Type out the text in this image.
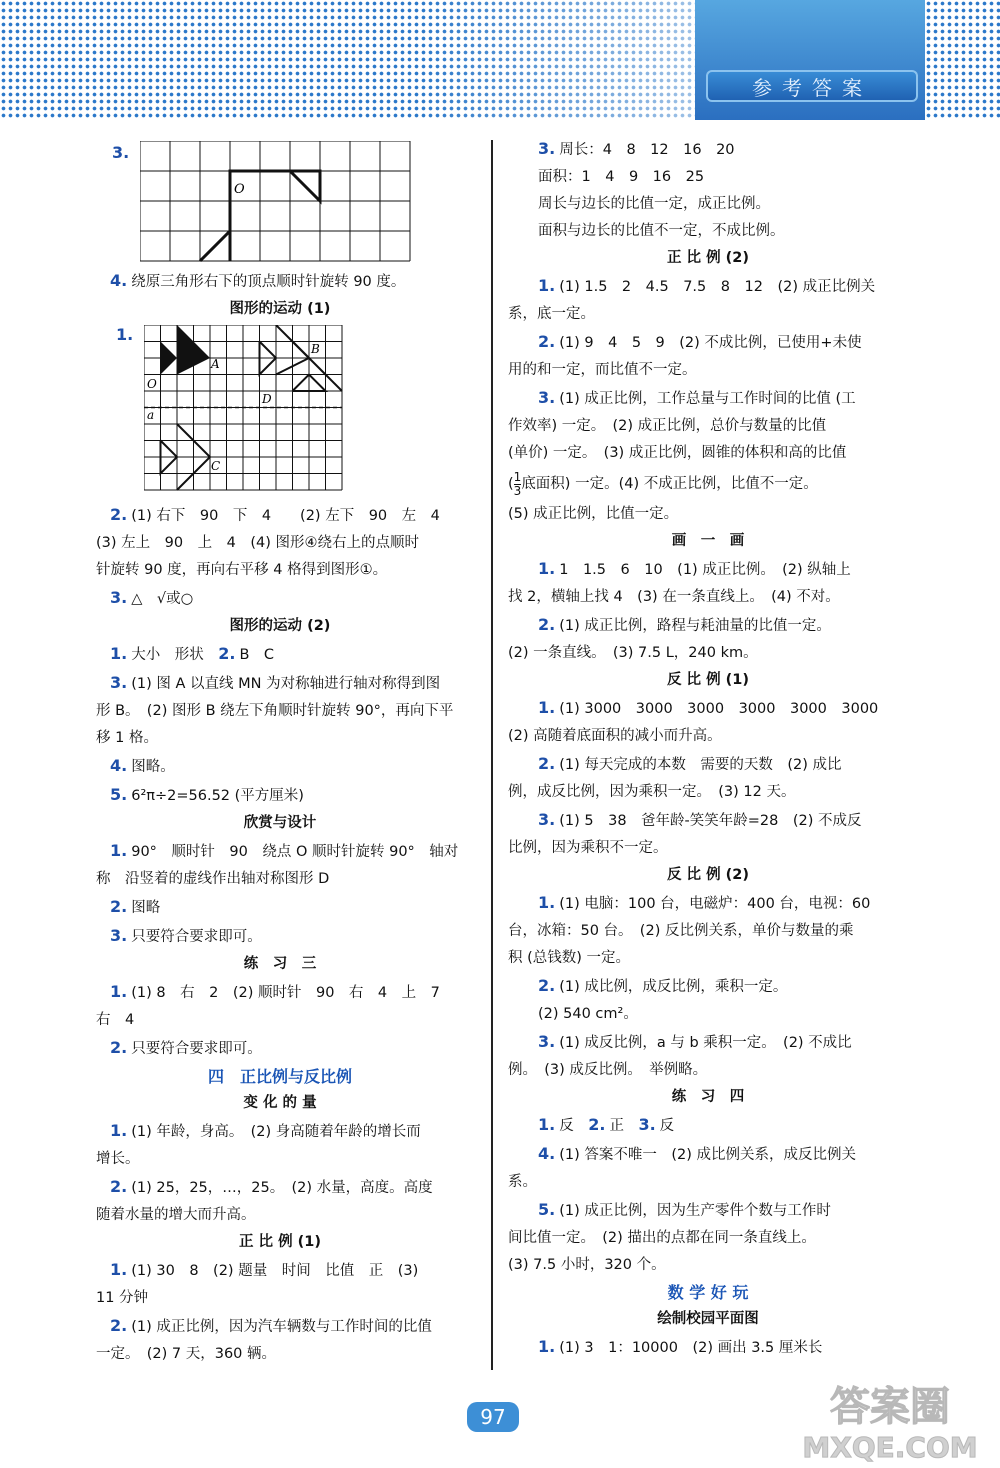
参考答案
3.
O
4. 绕原三角形右下的顶点顺时针旋转 90 度。
图形的运动 (1)
1.
A
B
C
D
O
a
2. (1) 右下　90　下　4　　(2) 左下　90　左　4
(3) 左上　90　上　4　(4) 图形④绕右上的点顺时
针旋转 90 度，再向右平移 4 格得到图形①。
3. △　√或○
图形的运动 (2)
1. 大小　形状　 2. B　C
3. (1) 图 A 以直线 MN 为对称轴进行轴对称得到图
形 B。　(2) 图形 B 绕左下角顺时针旋转 90°，再向下平
移 1 格。
4. 图略。
5. 6²π÷2=56.52 (平方厘米)
欣赏与设计
1. 90°　顺时针　90　绕点 O 顺时针旋转 90°　轴对
称　沿竖着的虚线作出轴对称图形 D
2. 图略
3. 只要符合要求即可。
练　习　三
1. (1) 8　右　2　(2) 顺时针　90　右　4　上　7
右　4
2. 只要符合要求即可。
四　正比例与反比例
变 化 的 量
1. (1) 年龄，身高。　(2) 身高随着年龄的增长而
增长。
2. (1) 25，25，…，25。　(2) 水量，高度。高度
随着水量的增大而升高。
正 比 例 (1)
1. (1) 30　8　(2) 题量　时间　比值　正　(3)
11 分钟
2. (1) 成正比例，因为汽车辆数与工作时间的比值
一定。　(2) 7 天，360 辆。
3. 周长：4　8　12　16　20
面积：1　4　9　16　25
周长与边长的比值一定，成正比例。
面积与边长的比值不一定，不成比例。
正 比 例 (2)
1. (1) 1.5　2　4.5　7.5　8　12　(2) 成正比例关
系，底一定。
2. (1) 9　4　5　9　(2) 不成比例，已使用+未使
用的和一定，而比值不一定。
3. (1) 成正比例，工作总量与工作时间的比值 (工
作效率) 一定。　(2) 成正比例，总价与数量的比值
(单价) 一定。　(3) 成正比例，圆锥的体积和高的比值
( $\frac{1}{3}$ 底面积) 一定。(4) 不成正比例，比值不一定。
(5) 成正比例，比值一定。
画　一　画
1. 1　1.5　6　10　(1) 成正比例。　(2) 纵轴上
找 2，横轴上找 4　(3) 在一条直线上。　(4) 不对。
2. (1) 成正比例，路程与耗油量的比值一定。
(2) 一条直线。　(3) 7.5 L，240 km。
反 比 例 (1)
1. (1) 3000　3000　3000　3000　3000　3000
(2) 高随着底面积的减小而升高。
2. (1) 每天完成的本数　需要的天数　(2) 成比
例，成反比例，因为乘积一定。　(3) 12 天。
3. (1) 5　38　爸年龄-笑笑年龄=28　(2) 不成反
比例，因为乘积不一定。
反 比 例 (2)
1. (1) 电脑：100 台，电磁炉：400 台，电视：60
台，冰箱：50 台。　(2) 反比例关系，单价与数量的乘
积 (总钱数) 一定。
2. (1) 成比例，成反比例，乘积一定。
(2) 540 cm²。
3. (1) 成反比例，a 与 b 乘积一定。　(2) 不成比
例。　(3) 成反比例。　举例略。
练　习　四
1. 反　 2. 正　 3. 反
4. (1) 答案不唯一　(2) 成比例关系，成反比例关
系。
5. (1) 成正比例，因为生产零件个数与工作时
间比值一定。　(2) 描出的点都在同一条直线上。
(3) 7.5 小时，320 个。
数 学 好 玩
绘制校园平面图
1. (1) 3　1：10000　(2) 画出 3.5 厘米长
97	答案圈
MXQE.COM
